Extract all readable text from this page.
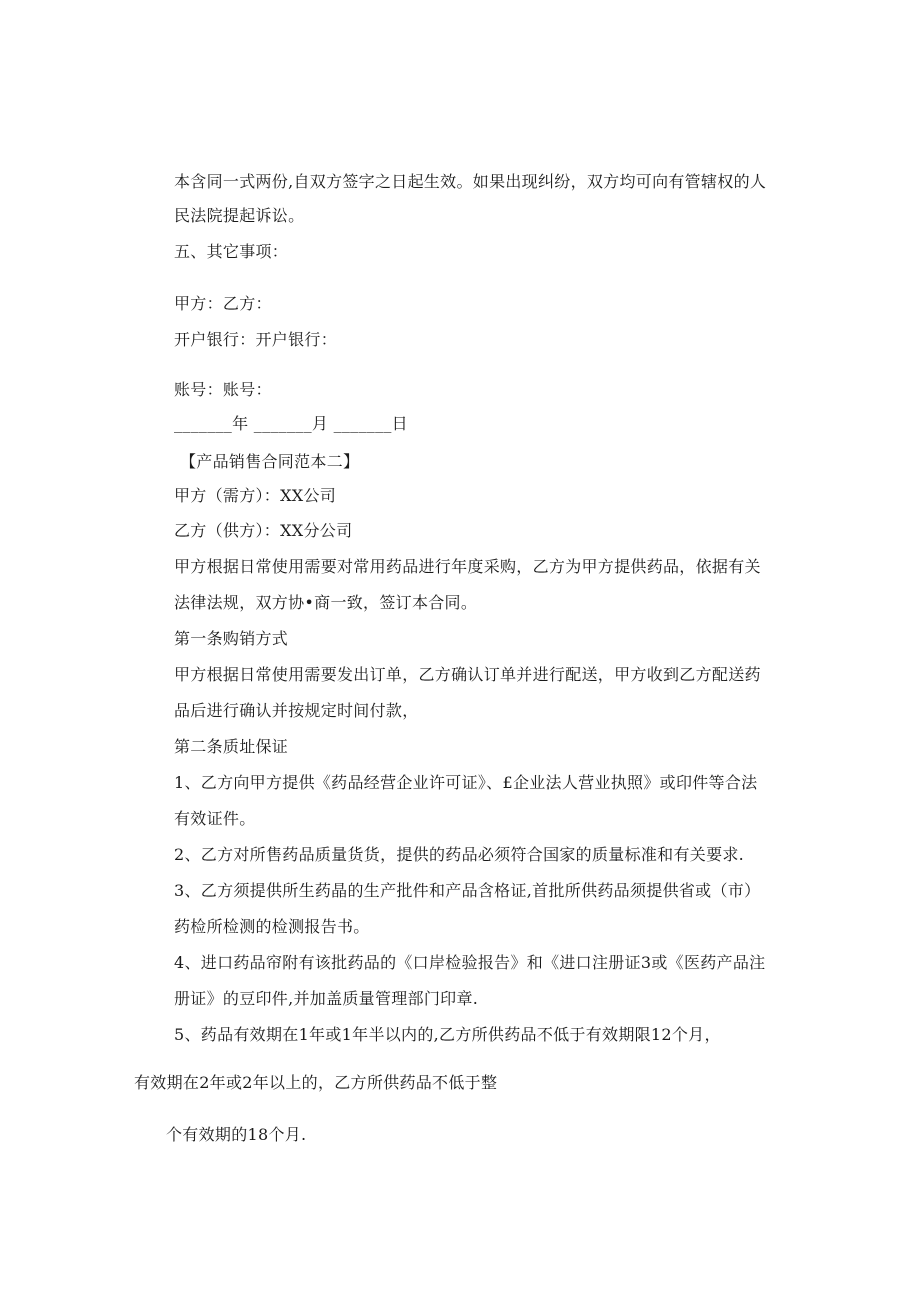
本含同一式两份,自双方签字之日起生效。如果出现纠纷，双方均可向有管辖权的人
民法院提起诉讼。
五、其它事项：
甲方：乙方：
开户银行：开户银行：
账号：账号：
_______年 _______月 _______日
【产品销售合同范本二】
甲方（需方）：XX公司
乙方（供方）：XX分公司
甲方根据日常使用需要对常用药品进行年度采购，乙方为甲方提供药品，依据有关
法律法规，双方协•商一致，签订本合同。
第一条购销方式
甲方根据日常使用需要发出订单，乙方确认订单并进行配送，甲方收到乙方配送药
品后进行确认并按规定时间付款，
第二条质址保证
1、乙方向甲方提供《药品经营企业许可证》、£企业法人营业执照》或印件等合法
有效证件。
2、乙方对所售药品质量货货，提供的药品必须符合国家的质量标准和有关要求.
3、乙方须提供所生药晶的生产批件和产品含格证,首批所供药品须提供省或（市）
药检所检测的检测报告书。
4、进口药品帘附有该批药品的《口岸检验报告》和《进口注册证3或《医药产品注
册证》的豆印件,并加盖质量管理部门印章.
5、药品有效期在1年或1年半以内的,乙方所供药品不低于有效期限12个月，
有效期在2年或2年以上的，乙方所供药品不低于整
个有效期的18个月.
